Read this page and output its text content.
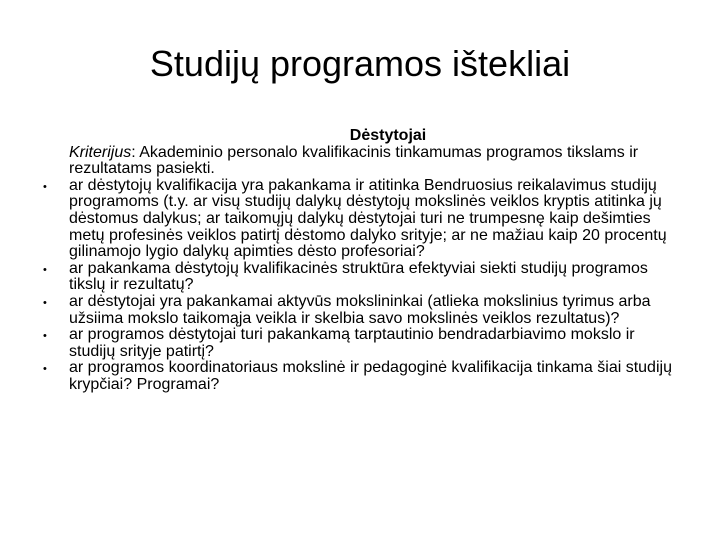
Studijų programos ištekliai

Dėstytojai

Kriterijus: Akademinio personalo kvalifikacinis tinkamumas programos tikslams ir rezultatams pasiekti.

• ar dėstytojų kvalifikacija yra pakankama ir atitinka Bendruosius reikalavimus studijų programoms (t.y. ar visų studijų dalykų dėstytojų mokslinės veiklos kryptis atitinka jų dėstomus dalykus; ar taikomųjų dalykų dėstytojai turi ne trumpesnę kaip dešimties metų profesinės veiklos patirtį dėstomo dalyko srityje; ar ne mažiau kaip 20 procentų gilinamojo lygio dalykų apimties dėsto profesoriai?
• ar pakankama dėstytojų kvalifikacinės struktūra efektyviai siekti studijų programos tikslų ir rezultatų?
• ar dėstytojai yra pakankamai aktyvūs mokslininkai (atlieka mokslinius tyrimus arba užsiima mokslo taikomąja veikla ir skelbia savo mokslinės veiklos rezultatus)?
• ar programos dėstytojai turi pakankamą tarptautinio bendradarbiavimo mokslo ir studijų srityje patirtį?
• ar programos koordinatoriaus mokslinė ir pedagoginė kvalifikacija tinkama šiai studijų krypčiai? Programai?
